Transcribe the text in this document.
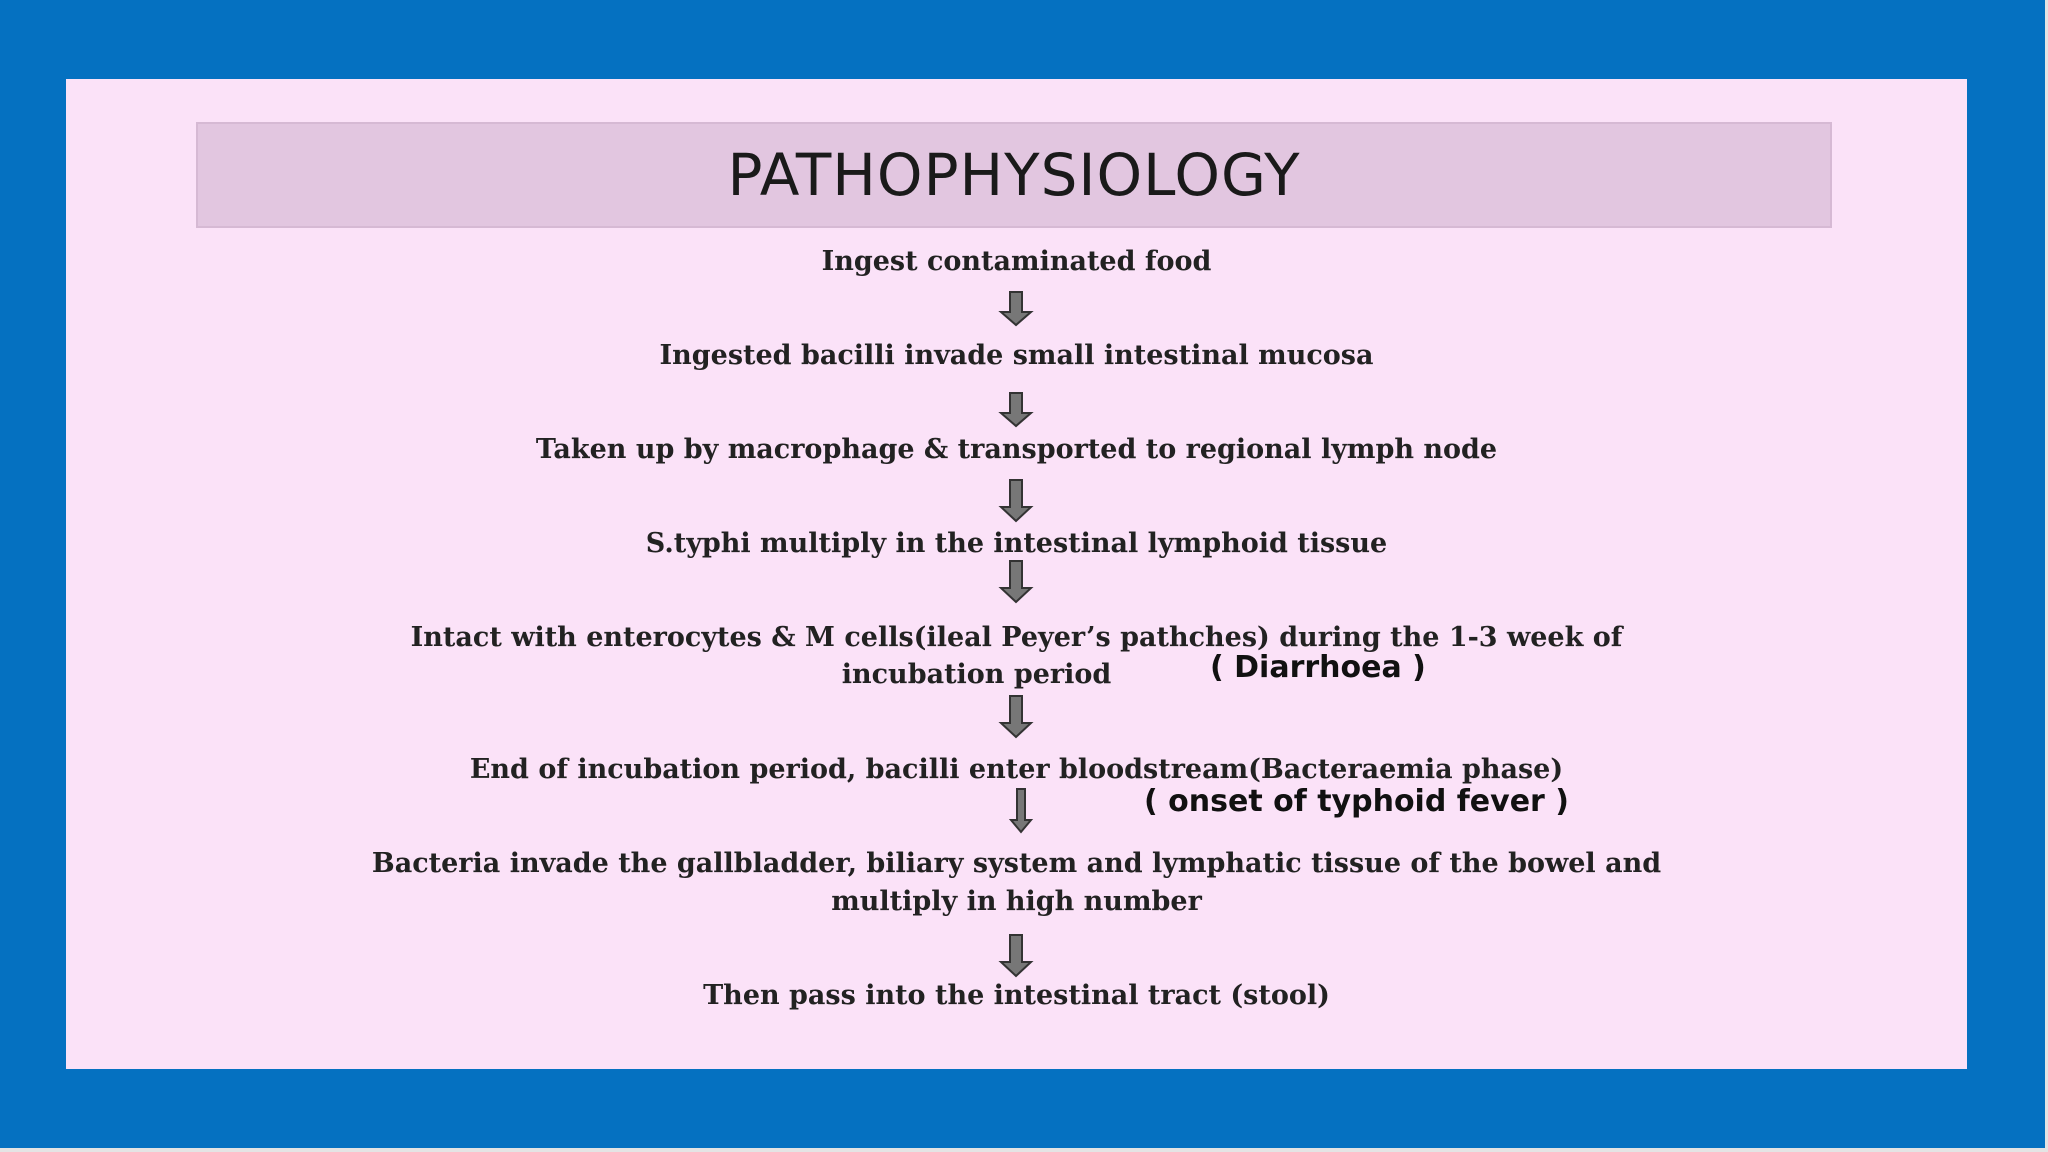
PATHOPHYSIOLOGY
Ingest contaminated food
Ingested bacilli invade small intestinal mucosa
Taken up by macrophage & transported to regional lymph node
S.typhi multiply in the intestinal lymphoid tissue
Intact with enterocytes & M cells(ileal Peyer’s pathches) during the 1-3 week of
incubation period	( Diarrhoea )
End of incubation period, bacilli enter bloodstream(Bacteraemia phase)
( onset of typhoid fever )
Bacteria invade the gallbladder, biliary system and lymphatic tissue of the bowel and
multiply in high number
Then pass into the intestinal tract (stool)
